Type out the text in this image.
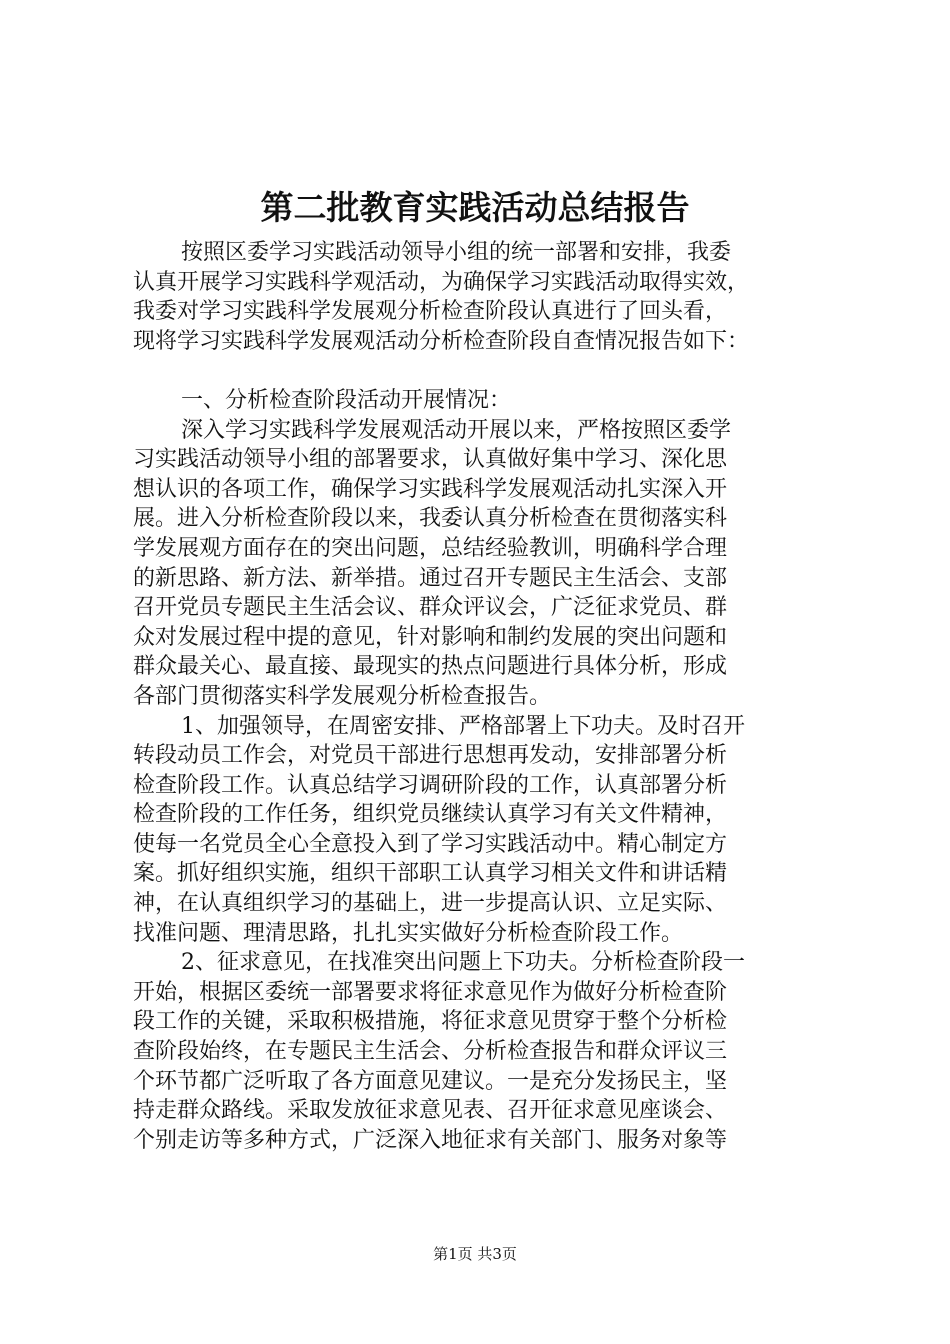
第二批教育实践活动总结报告
按照区委学习实践活动领导小组的统一部署和安排，我委
认真开展学习实践科学观活动，为确保学习实践活动取得实效，
我委对学习实践科学发展观分析检查阶段认真进行了回头看，
现将学习实践科学发展观活动分析检查阶段自查情况报告如下：
一、分析检查阶段活动开展情况：
深入学习实践科学发展观活动开展以来，严格按照区委学
习实践活动领导小组的部署要求，认真做好集中学习、深化思
想认识的各项工作，确保学习实践科学发展观活动扎实深入开
展。进入分析检查阶段以来，我委认真分析检查在贯彻落实科
学发展观方面存在的突出问题，总结经验教训，明确科学合理
的新思路、新方法、新举措。通过召开专题民主生活会、支部
召开党员专题民主生活会议、群众评议会，广泛征求党员、群
众对发展过程中提的意见，针对影响和制约发展的突出问题和
群众最关心、最直接、最现实的热点问题进行具体分析，形成
各部门贯彻落实科学发展观分析检查报告。
1、加强领导，在周密安排、严格部署上下功夫。及时召开
转段动员工作会，对党员干部进行思想再发动，安排部署分析
检查阶段工作。认真总结学习调研阶段的工作，认真部署分析
检查阶段的工作任务，组织党员继续认真学习有关文件精神，
使每一名党员全心全意投入到了学习实践活动中。精心制定方
案。抓好组织实施，组织干部职工认真学习相关文件和讲话精
神，在认真组织学习的基础上，进一步提高认识、立足实际、
找准问题、理清思路，扎扎实实做好分析检查阶段工作。
2、征求意见，在找准突出问题上下功夫。分析检查阶段一
开始，根据区委统一部署要求将征求意见作为做好分析检查阶
段工作的关键，采取积极措施，将征求意见贯穿于整个分析检
查阶段始终，在专题民主生活会、分析检查报告和群众评议三
个环节都广泛听取了各方面意见建议。一是充分发扬民主，坚
持走群众路线。采取发放征求意见表、召开征求意见座谈会、
个别走访等多种方式，广泛深入地征求有关部门、服务对象等
第1页 共3页
